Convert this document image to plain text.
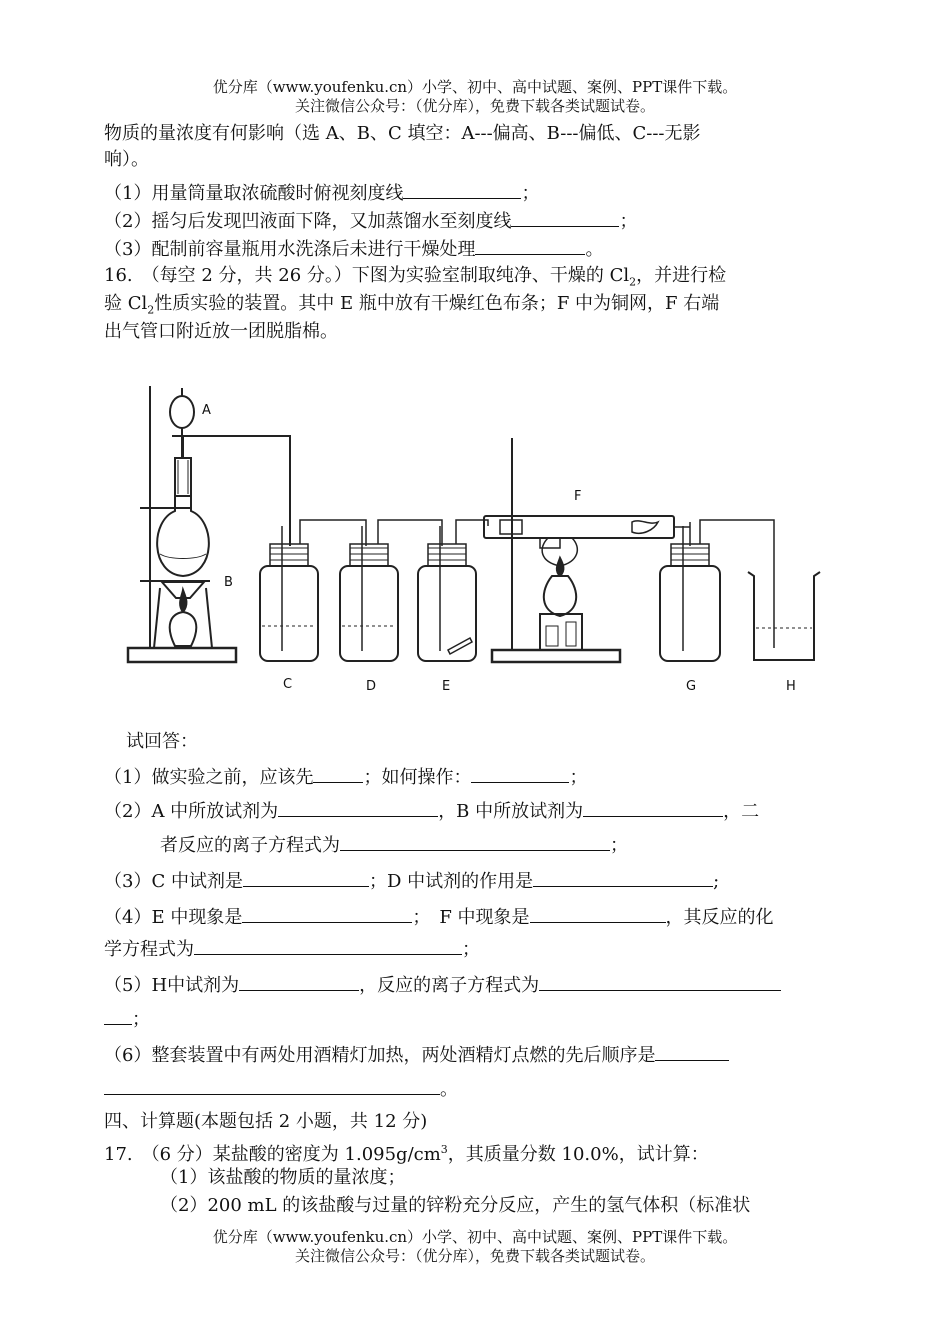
优分库（www.youfenku.cn）小学、初中、高中试题、案例、PPT课件下载。
关注微信公众号：（优分库），免费下载各类试题试卷。
物质的量浓度有何影响（选 A、B、C 填空：A---偏高、B---偏低、C---无影
响）。
（1）用量筒量取浓硫酸时俯视刻度线	；
（2）摇匀后发现凹液面下降，又加蒸馏水至刻度线	；
（3）配制前容量瓶用水洗涤后未进行干燥处理	。
16.　（每空 2 分，共 26 分。）下图为实验室制取纯净、干燥的 $Cl_2$，并进行检
验 $Cl_2$性质实验的装置。其中 E 瓶中放有干燥红色布条；F 中为铜网，F 右端
出气管口附近放一团脱脂棉。
A
B
C	D	E
F
G	H
试回答：
（1）做实验之前，应该先	；如何操作：	；
（2）A 中所放试剂为	，B 中所放试剂为	，二
者反应的离子方程式为	；
（3）C 中试剂是	；D 中试剂的作用是	;
（4）E 中现象是	；　F 中现象是	，其反应的化
学方程式为	；
（5）H中试剂为	，反应的离子方程式为
；
（6）整套装置中有两处用酒精灯加热，两处酒精灯点燃的先后顺序是
。
四、计算题(本题包括 2 小题，共 12 分)
17.　（6 分）某盐酸的密度为 $1.095g/cm^3$，其质量分数 10.0%，试计算：
（1）该盐酸的物质的量浓度；
（2）200 mL 的该盐酸与过量的锌粉充分反应，产生的氢气体积（标准状
优分库（www.youfenku.cn）小学、初中、高中试题、案例、PPT课件下载。
关注微信公众号：（优分库），免费下载各类试题试卷。
